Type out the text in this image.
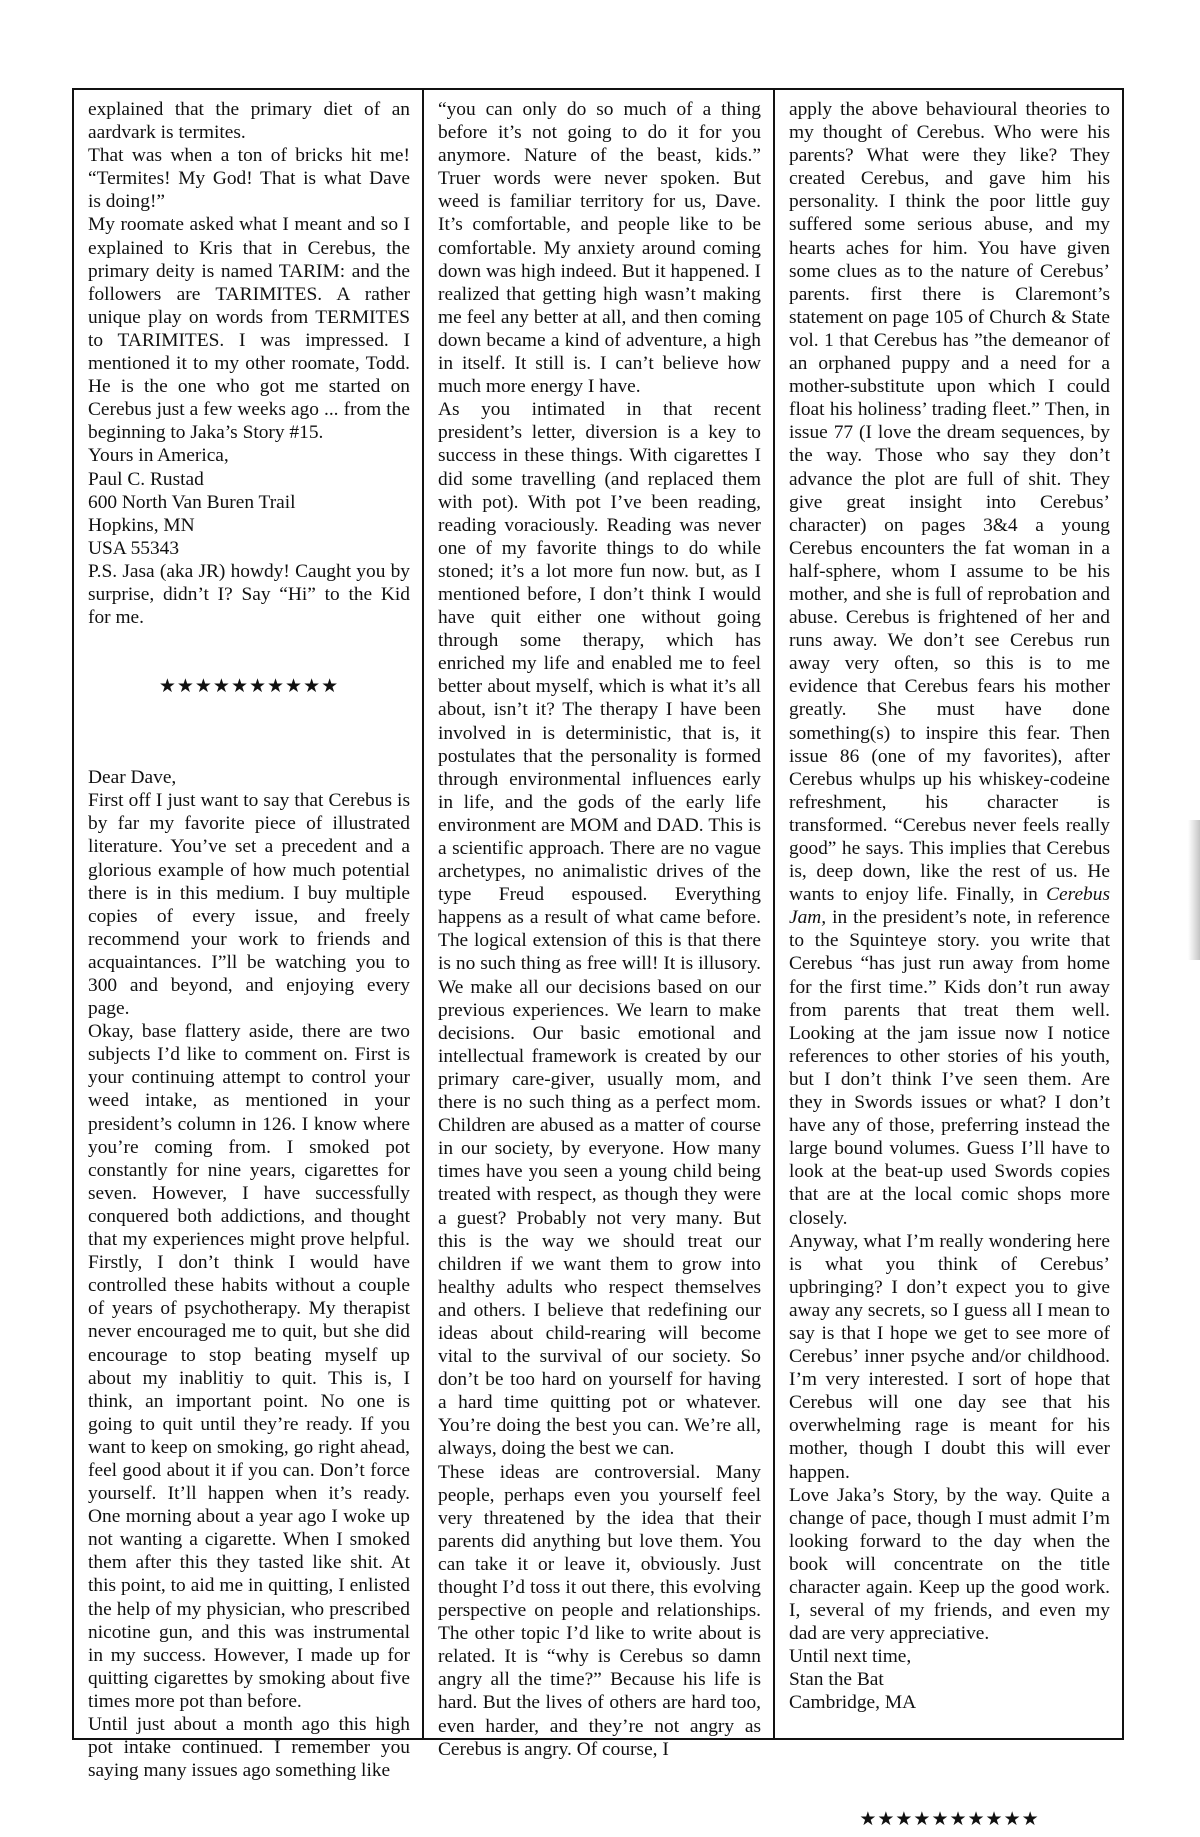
explained that the primary diet of an aardvark is termites.

That was when a ton of bricks hit me! “Termites! My God! That is what Dave is doing!”

My roomate asked what I meant and so I explained to Kris that in Cerebus, the primary deity is named TARIM: and the followers are TARIMITES. A rather unique play on words from TERMITES to TARIMITES. I was impressed. I mentioned it to my other roomate, Todd. He is the one who got me started on Cerebus just a few weeks ago ... from the beginning to Jaka’s Story #15.

Yours in America,

Paul C. Rustad

600 North Van Buren Trail

Hopkins, MN

USA 55343

P.S. Jasa (aka JR) howdy! Caught you by surprise, didn’t I? Say “Hi” to the Kid for me.

★★★★★★★★★★

Dear Dave,

First off I just want to say that Cerebus is by far my favorite piece of illustrated literature. You’ve set a precedent and a glorious example of how much potential there is in this medium. I buy multiple copies of every issue, and freely recommend your work to friends and acquaintances. I”ll be watching you to 300 and beyond, and enjoying every page.

Okay, base flattery aside, there are two subjects I’d like to comment on. First is your continuing attempt to control your weed intake, as mentioned in your president’s column in 126. I know where you’re coming from. I smoked pot constantly for nine years, cigarettes for seven. However, I have successfully conquered both addictions, and thought that my experiences might prove helpful. Firstly, I don’t think I would have controlled these habits without a couple of years of psychotherapy. My therapist never encouraged me to quit, but she did encourage to stop beating myself up about my inablitiy to quit. This is, I think, an important point. No one is going to quit until they’re ready. If you want to keep on smoking, go right ahead, feel good about it if you can. Don’t force yourself. It’ll happen when it’s ready. One morning about a year ago I woke up not wanting a cigarette. When I smoked them after this they tasted like shit. At this point, to aid me in quitting, I enlisted the help of my physician, who prescribed nicotine gun, and this was instrumental in my success. However, I made up for quitting cigarettes by smoking about five times more pot than before.

Until just about a month ago this high pot intake continued. I remember you saying many issues ago something like

“you can only do so much of a thing before it’s not going to do it for you anymore. Nature of the beast, kids.” Truer words were never spoken. But weed is familiar territory for us, Dave. It’s comfortable, and people like to be comfortable. My anxiety around coming down was high indeed. But it happened. I realized that getting high wasn’t making me feel any better at all, and then coming down became a kind of adventure, a high in itself. It still is. I can’t believe how much more energy I have.

As you intimated in that recent president’s letter, diversion is a key to success in these things. With cigarettes I did some travelling (and replaced them with pot). With pot I’ve been reading, reading voraciously. Reading was never one of my favorite things to do while stoned; it’s a lot more fun now. but, as I mentioned before, I don’t think I would have quit either one without going through some therapy, which has enriched my life and enabled me to feel better about myself, which is what it’s all about, isn’t it? The therapy I have been involved in is deterministic, that is, it postulates that the personality is formed through environmental influences early in life, and the gods of the early life environment are MOM and DAD. This is a scientific approach. There are no vague archetypes, no animalistic drives of the type Freud espoused. Everything happens as a result of what came before. The logical extension of this is that there is no such thing as free will! It is illusory. We make all our decisions based on our previous experiences. We learn to make decisions. Our basic emotional and intellectual framework is created by our primary care-giver, usually mom, and there is no such thing as a perfect mom. Children are abused as a matter of course in our society, by everyone. How many times have you seen a young child being treated with respect, as though they were a guest? Probably not very many. But this is the way we should treat our children if we want them to grow into healthy adults who respect themselves and others. I believe that redefining our ideas about child-rearing will become vital to the survival of our society. So don’t be too hard on yourself for having a hard time quitting pot or whatever. You’re doing the best you can. We’re all, always, doing the best we can.

These ideas are controversial. Many people, perhaps even you yourself feel very threatened by the idea that their parents did anything but love them. You can take it or leave it, obviously. Just thought I’d toss it out there, this evolving perspective on people and relationships. The other topic I’d like to write about is related. It is “why is Cerebus so damn angry all the time?” Because his life is hard. But the lives of others are hard too, even harder, and they’re not angry as Cerebus is angry. Of course, I

apply the above behavioural theories to my thought of Cerebus. Who were his parents? What were they like? They created Cerebus, and gave him his personality. I think the poor little guy suffered some serious abuse, and my hearts aches for him. You have given some clues as to the nature of Cerebus’ parents. first there is Claremont’s statement on page 105 of Church & State vol. 1 that Cerebus has ”the demeanor of an orphaned puppy and a need for a mother-substitute upon which I could float his holiness’ trading fleet.” Then, in issue 77 (I love the dream sequences, by the way. Those who say they don’t advance the plot are full of shit. They give great insight into Cerebus’ character) on pages 3&4 a young Cerebus encounters the fat woman in a half-sphere, whom I assume to be his mother, and she is full of reprobation and abuse. Cerebus is frightened of her and runs away. We don’t see Cerebus run away very often, so this is to me evidence that Cerebus fears his mother greatly. She must have done something(s) to inspire this fear. Then issue 86 (one of my favorites), after Cerebus whulps up his whiskey-codeine refreshment, his character is transformed. “Cerebus never feels really good” he says. This implies that Cerebus is, deep down, like the rest of us. He wants to enjoy life. Finally, in Cerebus Jam, in the president’s note, in reference to the Squinteye story. you write that Cerebus “has just run away from home for the first time.” Kids don’t run away from parents that treat them well. Looking at the jam issue now I notice references to other stories of his youth, but I don’t think I’ve seen them. Are they in Swords issues or what? I don’t have any of those, preferring instead the large bound volumes. Guess I’ll have to look at the beat-up used Swords copies that are at the local comic shops more closely.

Anyway, what I’m really wondering here is what you think of Cerebus’ upbringing? I don’t expect you to give away any secrets, so I guess all I mean to say is that I hope we get to see more of Cerebus’ inner psyche and/or childhood. I’m very interested. I sort of hope that Cerebus will one day see that his overwhelming rage is meant for his mother, though I doubt this will ever happen.

Love Jaka’s Story, by the way. Quite a change of pace, though I must admit I’m looking forward to the day when the book will concentrate on the title character again. Keep up the good work. I, several of my friends, and even my dad are very appreciative.

Until next time,

Stan the Bat

Cambridge, MA

★★★★★★★★★★
